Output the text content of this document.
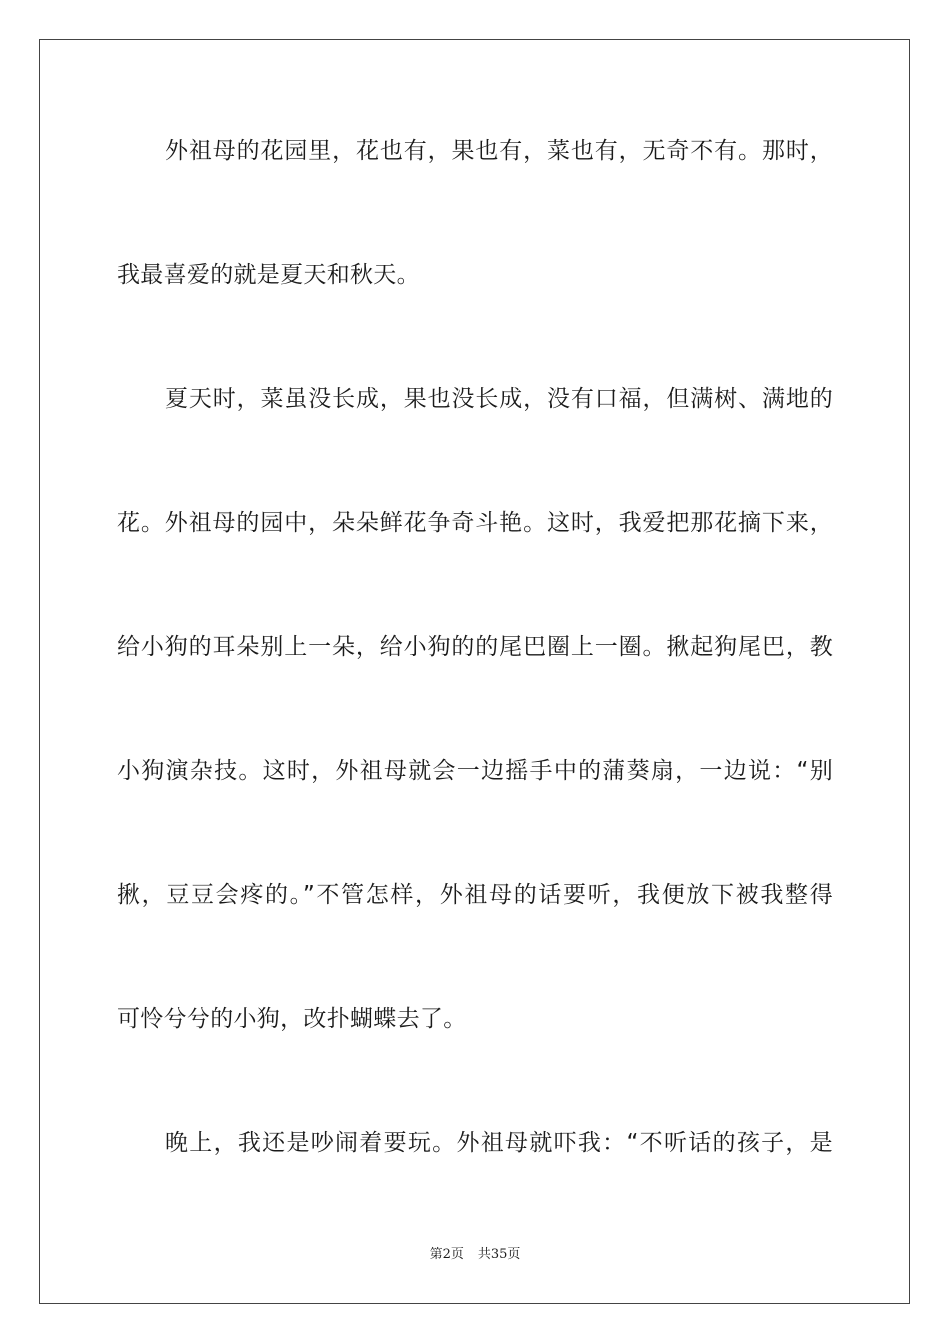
外祖母的花园里，花也有，果也有，菜也有，无奇不有。那时，
我最喜爱的就是夏天和秋天。
夏天时，菜虽没长成，果也没长成，没有口福，但满树、满地的
花。外祖母的园中，朵朵鲜花争奇斗艳。这时，我爱把那花摘下来，
给小狗的耳朵别上一朵，给小狗的的尾巴圈上一圈。揪起狗尾巴，教
小狗演杂技。这时，外祖母就会一边摇手中的蒲葵扇，一边说：“别
揪，豆豆会疼的。”不管怎样，外祖母的话要听，我便放下被我整得
可怜兮兮的小狗，改扑蝴蝶去了。
晚上，我还是吵闹着要玩。外祖母就吓我：“不听话的孩子，是
第2页 共35页
